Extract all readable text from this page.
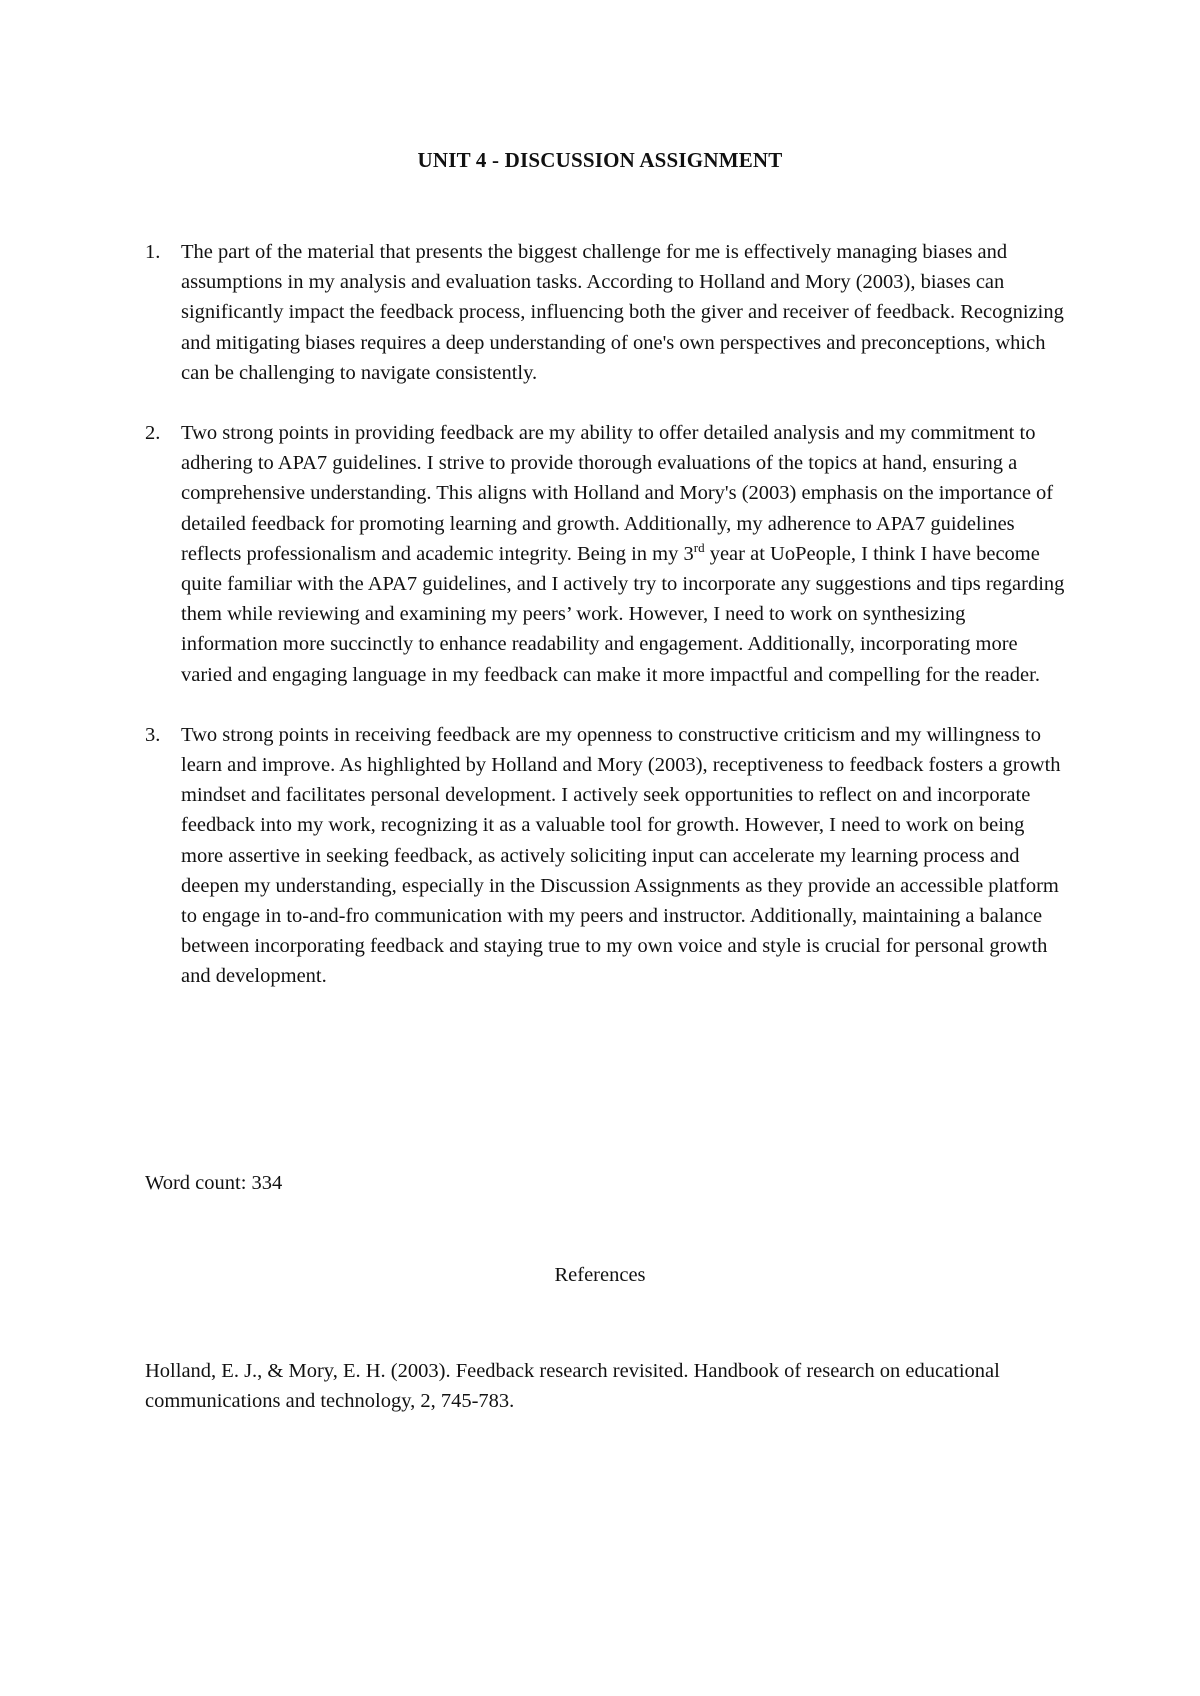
UNIT 4 - DISCUSSION ASSIGNMENT
1. The part of the material that presents the biggest challenge for me is effectively managing biases and assumptions in my analysis and evaluation tasks. According to Holland and Mory (2003), biases can significantly impact the feedback process, influencing both the giver and receiver of feedback. Recognizing and mitigating biases requires a deep understanding of one's own perspectives and preconceptions, which can be challenging to navigate consistently.
2. Two strong points in providing feedback are my ability to offer detailed analysis and my commitment to adhering to APA7 guidelines. I strive to provide thorough evaluations of the topics at hand, ensuring a comprehensive understanding. This aligns with Holland and Mory's (2003) emphasis on the importance of detailed feedback for promoting learning and growth. Additionally, my adherence to APA7 guidelines reflects professionalism and academic integrity. Being in my 3rd year at UoPeople, I think I have become quite familiar with the APA7 guidelines, and I actively try to incorporate any suggestions and tips regarding them while reviewing and examining my peers’ work. However, I need to work on synthesizing information more succinctly to enhance readability and engagement. Additionally, incorporating more varied and engaging language in my feedback can make it more impactful and compelling for the reader.
3. Two strong points in receiving feedback are my openness to constructive criticism and my willingness to learn and improve. As highlighted by Holland and Mory (2003), receptiveness to feedback fosters a growth mindset and facilitates personal development. I actively seek opportunities to reflect on and incorporate feedback into my work, recognizing it as a valuable tool for growth. However, I need to work on being more assertive in seeking feedback, as actively soliciting input can accelerate my learning process and deepen my understanding, especially in the Discussion Assignments as they provide an accessible platform to engage in to-and-fro communication with my peers and instructor. Additionally, maintaining a balance between incorporating feedback and staying true to my own voice and style is crucial for personal growth and development.
Word count: 334
References
Holland, E. J., & Mory, E. H. (2003). Feedback research revisited. Handbook of research on educational communications and technology, 2, 745-783.
